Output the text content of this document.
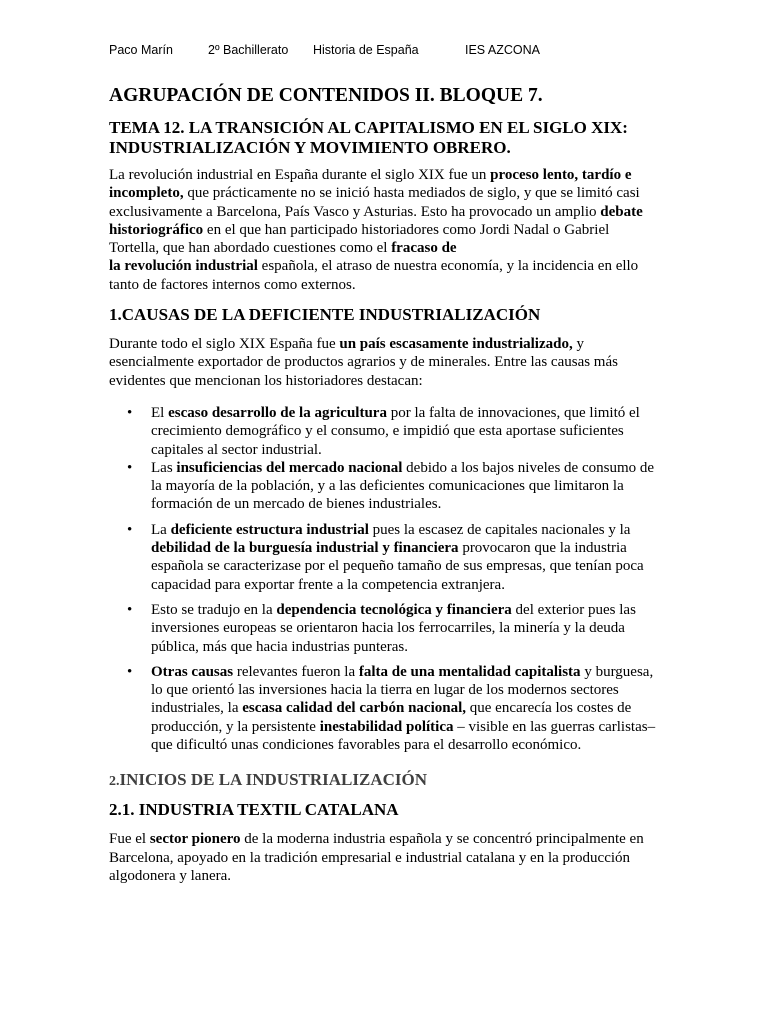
Paco Marín	2º Bachillerato Historia de España	IES AZCONA
AGRUPACIÓN DE CONTENIDOS II. BLOQUE 7.
TEMA 12. LA TRANSICIÓN AL CAPITALISMO EN EL SIGLO XIX: INDUSTRIALIZACIÓN Y MOVIMIENTO OBRERO.

La revolución industrial en España durante el siglo XIX fue un proceso lento, tardío e incompleto, que prácticamente no se inició hasta mediados de siglo, y que se limitó casi exclusivamente a Barcelona, País Vasco y Asturias. Esto ha provocado un amplio debate historiográfico en el que han participado historiadores como Jordi Nadal o Gabriel Tortella, que han abordado cuestiones como el fracaso de
la revolución industrial española, el atraso de nuestra economía, y la incidencia en ello tanto de factores internos como externos.

1.CAUSAS DE LA DEFICIENTE INDUSTRIALIZACIÓN

Durante todo el siglo XIX España fue un país escasamente industrializado, y esencialmente exportador de productos agrarios y de minerales. Entre las causas más evidentes que mencionan los historiadores destacan:

• El escaso desarrollo de la agricultura por la falta de innovaciones, que limitó el crecimiento demográfico y el consumo, e impidió que esta aportase suficientes capitales al sector industrial.
• Las insuficiencias del mercado nacional debido a los bajos niveles de consumo de la mayoría de la población, y a las deficientes comunicaciones que limitaron la formación de un mercado de bienes industriales.
• La deficiente estructura industrial pues la escasez de capitales nacionales y la debilidad de la burguesía industrial y financiera provocaron que la industria española se caracterizase por el pequeño tamaño de sus empresas, que tenían poca capacidad para exportar frente a la competencia extranjera.
• Esto se tradujo en la dependencia tecnológica y financiera del exterior pues las inversiones europeas se orientaron hacia los ferrocarriles, la minería y la deuda pública, más que hacia industrias punteras.
• Otras causas relevantes fueron la falta de una mentalidad capitalista y burguesa, lo que orientó las inversiones hacia la tierra en lugar de los modernos sectores industriales, la escasa calidad del carbón nacional, que encarecía los costes de producción, y la persistente inestabilidad política – visible en las guerras carlistas– que dificultó unas condiciones favorables para el desarrollo económico.
2.INICIOS DE LA INDUSTRIALIZACIÓN
2.1. INDUSTRIA TEXTIL CATALANA

Fue el sector pionero de la moderna industria española y se concentró principalmente en Barcelona, apoyado en la tradición empresarial e industrial catalana y en la producción algodonera y lanera.
